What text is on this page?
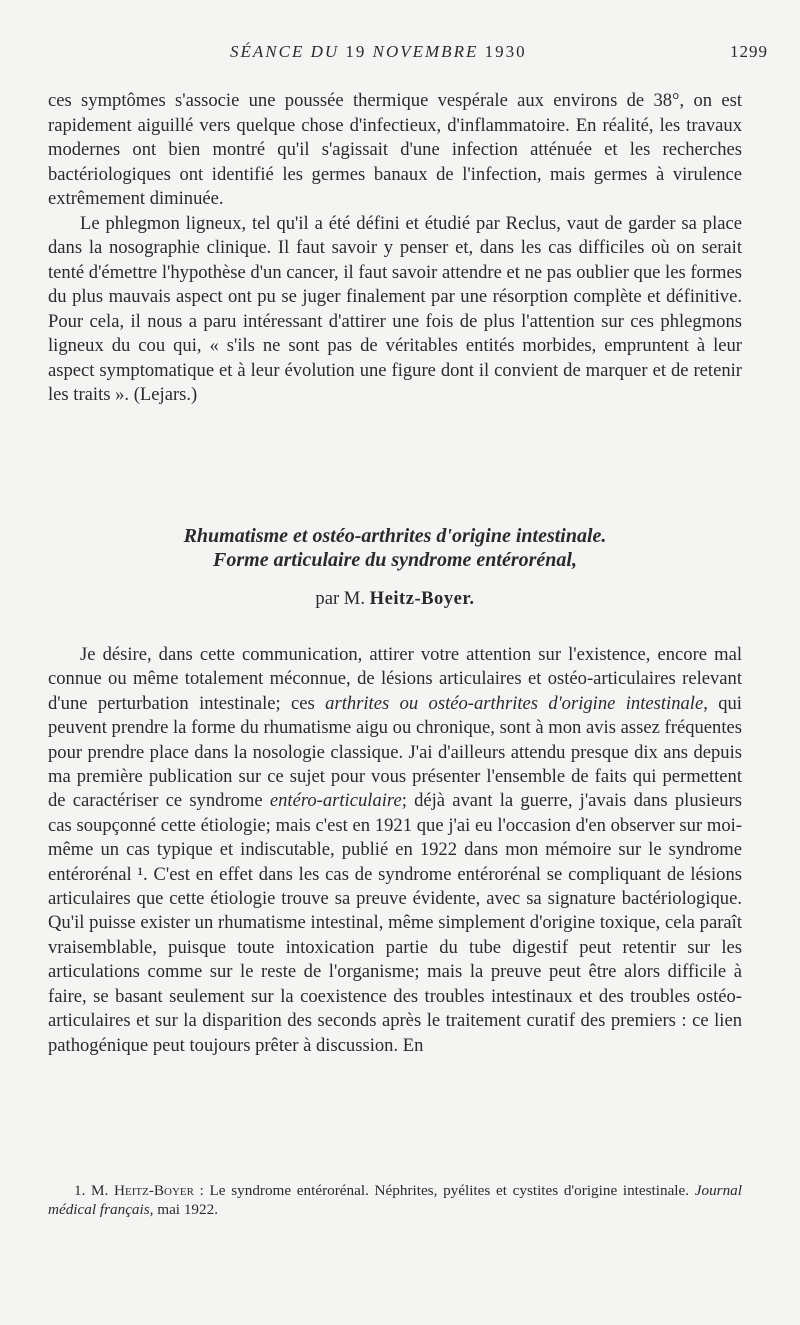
SÉANCE DU 19 NOVEMBRE 1930	1299

ces symptômes s'associe une poussée thermique vespérale aux environs de 38°, on est rapidement aiguillé vers quelque chose d'infectieux, d'inflammatoire. En réalité, les travaux modernes ont bien montré qu'il s'agissait d'une infection atténuée et les recherches bactériologiques ont identifié les germes banaux de l'infection, mais germes à virulence extrêmement diminuée.

Le phlegmon ligneux, tel qu'il a été défini et étudié par Reclus, vaut de garder sa place dans la nosographie clinique. Il faut savoir y penser et, dans les cas difficiles où on serait tenté d'émettre l'hypothèse d'un cancer, il faut savoir attendre et ne pas oublier que les formes du plus mauvais aspect ont pu se juger finalement par une résorption complète et définitive. Pour cela, il nous a paru intéressant d'attirer une fois de plus l'attention sur ces phlegmons ligneux du cou qui, « s'ils ne sont pas de véritables entités morbides, empruntent à leur aspect symptomatique et à leur évolution une figure dont il convient de marquer et de retenir les traits ». (Lejars.)

Rhumatisme et ostéo-arthrites d'origine intestinale.
Forme articulaire du syndrome entérorénal,
par M. Heitz-Boyer.

Je désire, dans cette communication, attirer votre attention sur l'existence, encore mal connue ou même totalement méconnue, de lésions articulaires et ostéo-articulaires relevant d'une perturbation intestinale; ces arthrites ou ostéo-arthrites d'origine intestinale, qui peuvent prendre la forme du rhumatisme aigu ou chronique, sont à mon avis assez fréquentes pour prendre place dans la nosologie classique. J'ai d'ailleurs attendu presque dix ans depuis ma première publication sur ce sujet pour vous présenter l'ensemble de faits qui permettent de caractériser ce syndrome entéro-articulaire; déjà avant la guerre, j'avais dans plusieurs cas soupçonné cette étiologie; mais c'est en 1921 que j'ai eu l'occasion d'en observer sur moi-même un cas typique et indiscutable, publié en 1922 dans mon mémoire sur le syndrome entérorénal ¹. C'est en effet dans les cas de syndrome entérorénal se compliquant de lésions articulaires que cette étiologie trouve sa preuve évidente, avec sa signature bactériologique. Qu'il puisse exister un rhumatisme intestinal, même simplement d'origine toxique, cela paraît vraisemblable, puisque toute intoxication partie du tube digestif peut retentir sur les articulations comme sur le reste de l'organisme; mais la preuve peut être alors difficile à faire, se basant seulement sur la coexistence des troubles intestinaux et des troubles ostéo-articulaires et sur la disparition des seconds après le traitement curatif des premiers : ce lien pathogénique peut toujours prêter à discussion. En

1. M. Heitz-Boyer : Le syndrome entérorénal. Néphrites, pyélites et cystites d'origine intestinale. Journal médical français, mai 1922.
